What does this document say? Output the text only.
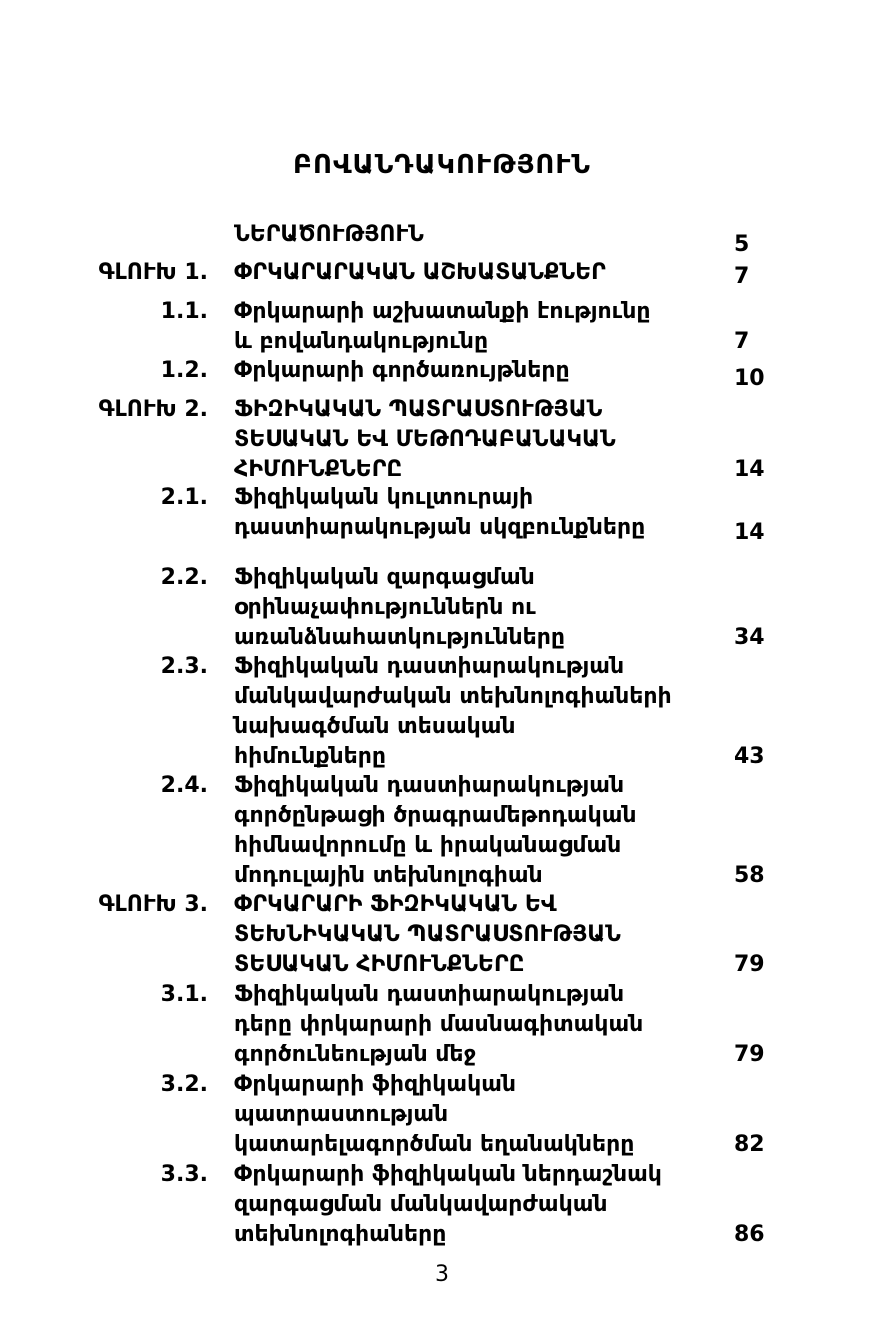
ԲՈՎԱՆԴԱԿՈՒԹՅՈՒՆ
ՆԵՐԱԾՈՒԹՅՈՒՆ	5
ԳԼՈՒԽ 1. ՓՐԿԱՐԱՐԱԿԱՆ ԱՇԽԱՏԱՆՔՆԵՐ	7
1.1. Փրկարարի աշխատանքի էությունը
և բովանդակությունը	7
1.2. Փրկարարի գործառույթները	10
ԳԼՈՒԽ 2. ՖԻԶԻԿԱԿԱՆ ՊԱՏՐԱՍՏՈՒԹՅԱՆ
ՏԵՍԱԿԱՆ ԵՎ ՄԵԹՈԴԱԲԱՆԱԿԱՆ
ՀԻՄՈՒՆՔՆԵՐԸ	14
2.1. Ֆիզիկական կուլտուրայի
դաստիարակության սկզբունքները	14
2.2. Ֆիզիկական զարգացման
օրինաչափություններն ու
առանձնահատկությունները	34
2.3. Ֆիզիկական դաստիարակության
մանկավարժական տեխնոլոգիաների
նախագծման տեսական
հիմունքները	43
2.4. Ֆիզիկական դաստիարակության
գործընթացի ծրագրամեթոդական
հիմնավորումը և իրականացման
մոդուլային տեխնոլոգիան	58
ԳԼՈՒԽ 3. ՓՐԿԱՐԱՐԻ ՖԻԶԻԿԱԿԱՆ ԵՎ
ՏԵԽՆԻԿԱԿԱՆ ՊԱՏՐԱՍՏՈՒԹՅԱՆ
ՏԵՍԱԿԱՆ ՀԻՄՈՒՆՔՆԵՐԸ	79
3.1. Ֆիզիկական դաստիարակության
դերը փրկարարի մասնագիտական
գործունեության մեջ	79
3.2. Փրկարարի ֆիզիկական
պատրաստության
կատարելագործման եղանակները	82
3.3. Փրկարարի ֆիզիկական ներդաշնակ
զարգացման մանկավարժական
տեխնոլոգիաները	86
3
